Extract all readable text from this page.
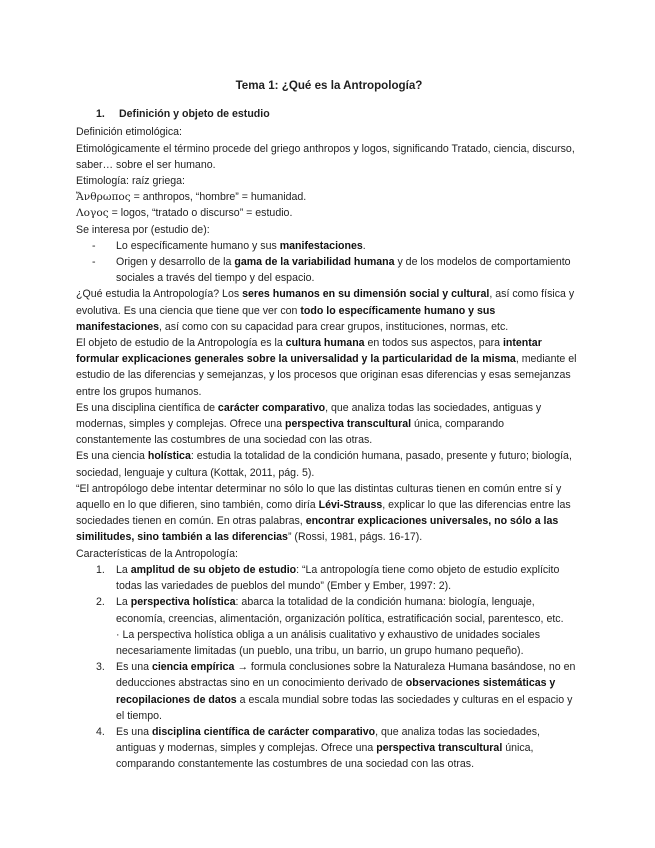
Tema 1: ¿Qué es la Antropología?

1.	Definición y objeto de estudio

Definición etimológica:

Etimológicamente el término procede del griego anthropos y logos, significando Tratado, ciencia, discurso, saber… sobre el ser humano.

Etimología: raíz griega:

Ἄνθρωπος = anthropos, “hombre” = humanidad.

Λογος = logos, “tratado o discurso” = estudio.

Se interesa por (estudio de):

-	Lo específicamente humano y sus manifestaciones.
-	Origen y desarrollo de la gama de la variabilidad humana y de los modelos de comportamiento sociales a través del tiempo y del espacio.

¿Qué estudia la Antropología? Los seres humanos en su dimensión social y cultural, así como física y evolutiva. Es una ciencia que tiene que ver con todo lo específicamente humano y sus manifestaciones, así como con su capacidad para crear grupos, instituciones, normas, etc.

El objeto de estudio de la Antropología es la cultura humana en todos sus aspectos, para intentar formular explicaciones generales sobre la universalidad y la particularidad de la misma, mediante el estudio de las diferencias y semejanzas, y los procesos que originan esas diferencias y esas semejanzas entre los grupos humanos.

Es una disciplina científica de carácter comparativo, que analiza todas las sociedades, antiguas y modernas, simples y complejas. Ofrece una perspectiva transcultural única, comparando constantemente las costumbres de una sociedad con las otras.

Es una ciencia holística: estudia la totalidad de la condición humana, pasado, presente y futuro; biología, sociedad, lenguaje y cultura (Kottak, 2011, pág. 5).

“El antropólogo debe intentar determinar no sólo lo que las distintas culturas tienen en común entre sí y aquello en lo que difieren, sino también, como diría Lévi-Strauss, explicar lo que las diferencias entre las sociedades tienen en común. En otras palabras, encontrar explicaciones universales, no sólo a las similitudes, sino también a las diferencias” (Rossi, 1981, págs. 16-17).

Características de la Antropología:

1.	La amplitud de su objeto de estudio: “La antropología tiene como objeto de estudio explícito todas las variedades de pueblos del mundo” (Ember y Ember, 1997: 2).
2.	La perspectiva holística: abarca la totalidad de la condición humana: biología, lenguaje, economía, creencias, alimentación, organización política, estratificación social, parentesco, etc.

· La perspectiva holística obliga a un análisis cualitativo y exhaustivo de unidades sociales necesariamente limitadas (un pueblo, una tribu, un barrio, un grupo humano pequeño).

3.	Es una ciencia empírica → formula conclusiones sobre la Naturaleza Humana basándose, no en deducciones abstractas sino en un conocimiento derivado de observaciones sistemáticas y recopilaciones de datos a escala mundial sobre todas las sociedades y culturas en el espacio y el tiempo.
4.	Es una disciplina científica de carácter comparativo, que analiza todas las sociedades, antiguas y modernas, simples y complejas. Ofrece una perspectiva transcultural única, comparando constantemente las costumbres de una sociedad con las otras.
